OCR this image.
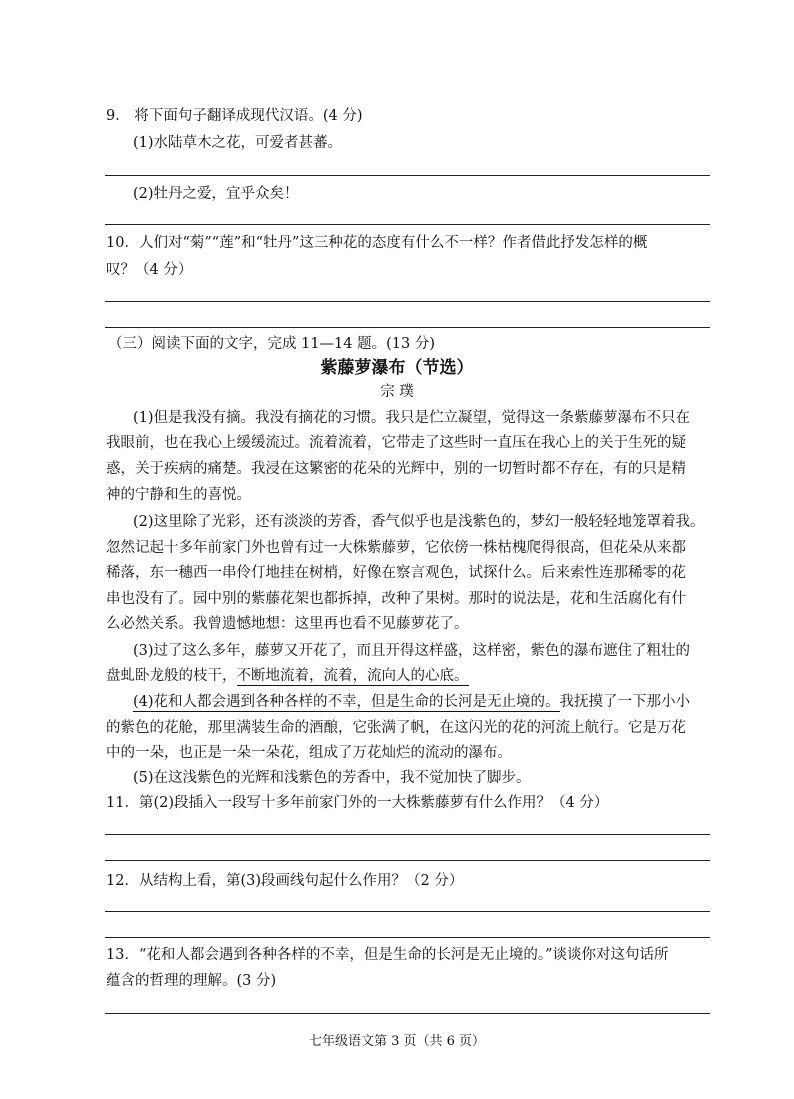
9． 将下面句子翻译成现代汉语。(4 分)
(1)水陆草木之花，可爱者甚蕃。
(2)牡丹之爱，宜乎众矣！
10．人们对“菊”“莲”和“牡丹”这三种花的态度有什么不一样？作者借此抒发怎样的概
叹？（4 分）
（三）阅读下面的文字，完成 11—14 题。(13 分)
紫藤萝瀑布（节选）
宗 璞
(1)但是我没有摘。我没有摘花的习惯。我只是伫立凝望，觉得这一条紫藤萝瀑布不只在
我眼前，也在我心上缓缓流过。流着流着，它带走了这些时一直压在我心上的关于生死的疑
惑，关于疾病的痛楚。我浸在这繁密的花朵的光辉中，别的一切暂时都不存在，有的只是精
神的宁静和生的喜悦。
(2)这里除了光彩，还有淡淡的芳香，香气似乎也是浅紫色的，梦幻一般轻轻地笼罩着我。
忽然记起十多年前家门外也曾有过一大株紫藤萝，它依傍一株枯槐爬得很高，但花朵从来都
稀落，东一穗西一串伶仃地挂在树梢，好像在察言观色，试探什么。后来索性连那稀零的花
串也没有了。园中别的紫藤花架也都拆掉，改种了果树。那时的说法是，花和生活腐化有什
么必然关系。我曾遗憾地想：这里再也看不见藤萝花了。
(3)过了这么多年，藤萝又开花了，而且开得这样盛，这样密，紫色的瀑布遮住了粗壮的
盘虬卧龙般的枝干，不断地流着，流着，流向人的心底。
(4)花和人都会遇到各种各样的不幸，但是生命的长河是无止境的。我抚摸了一下那小小
的紫色的花舱，那里满装生命的酒酿，它张满了帆，在这闪光的花的河流上航行。它是万花
中的一朵，也正是一朵一朵花，组成了万花灿烂的流动的瀑布。
(5)在这浅紫色的光辉和浅紫色的芳香中，我不觉加快了脚步。
11．第(2)段插入一段写十多年前家门外的一大株紫藤萝有什么作用？（4 分）
12．从结构上看，第(3)段画线句起什么作用？（2 分）
13．“花和人都会遇到各种各样的不幸，但是生命的长河是无止境的。”谈谈你对这句话所
蕴含的哲理的理解。(3 分)
七年级语文第 3 页（共 6 页）
